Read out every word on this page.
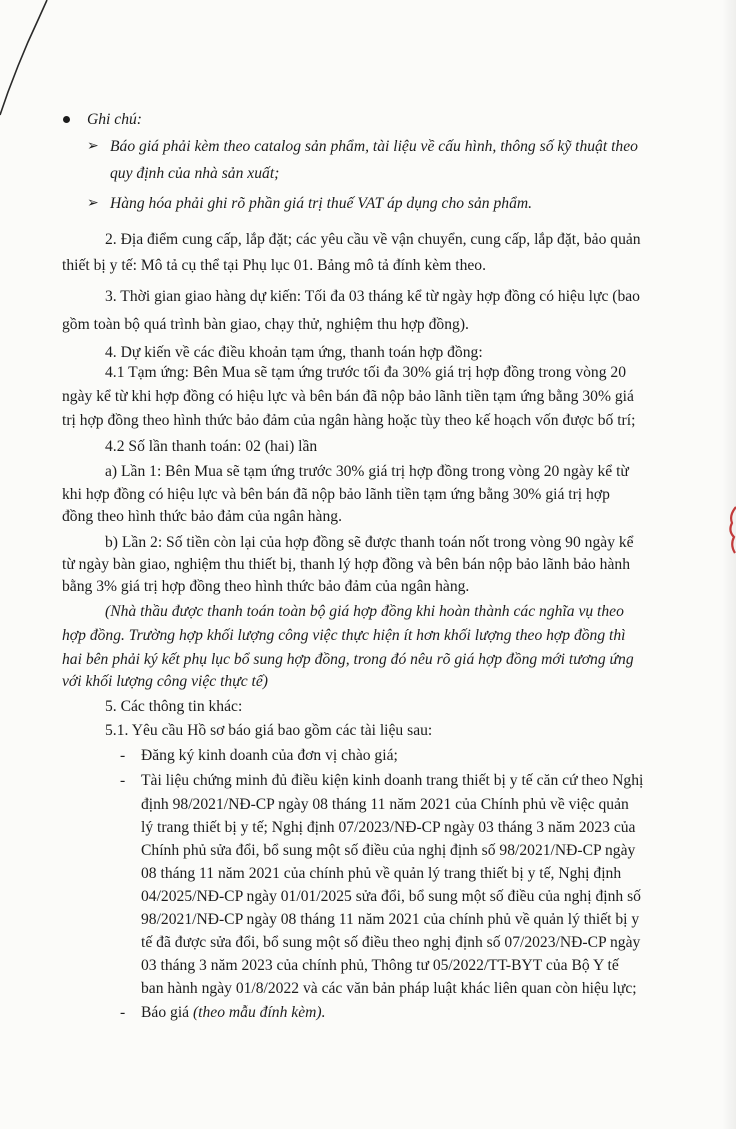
Ghi chú:
➢ Báo giá phải kèm theo catalog sản phẩm, tài liệu về cấu hình, thông số kỹ thuật theo
quy định của nhà sản xuất;
➢ Hàng hóa phải ghi rõ phần giá trị thuế VAT áp dụng cho sản phẩm.
2. Địa điểm cung cấp, lắp đặt; các yêu cầu về vận chuyển, cung cấp, lắp đặt, bảo quản
thiết bị y tế: Mô tả cụ thể tại Phụ lục 01. Bảng mô tả đính kèm theo.
3. Thời gian giao hàng dự kiến: Tối đa 03 tháng kể từ ngày hợp đồng có hiệu lực (bao
gồm toàn bộ quá trình bàn giao, chạy thử, nghiệm thu hợp đồng).
4. Dự kiến về các điều khoản tạm ứng, thanh toán hợp đồng:
4.1 Tạm ứng: Bên Mua sẽ tạm ứng trước tối đa 30% giá trị hợp đồng trong vòng 20
ngày kể từ khi hợp đồng có hiệu lực và bên bán đã nộp bảo lãnh tiền tạm ứng bằng 30% giá
trị hợp đồng theo hình thức bảo đảm của ngân hàng hoặc tùy theo kế hoạch vốn được bố trí;
4.2 Số lần thanh toán: 02 (hai) lần
a) Lần 1: Bên Mua sẽ tạm ứng trước 30% giá trị hợp đồng trong vòng 20 ngày kể từ
khi hợp đồng có hiệu lực và bên bán đã nộp bảo lãnh tiền tạm ứng bằng 30% giá trị hợp
đồng theo hình thức bảo đảm của ngân hàng.
b) Lần 2: Số tiền còn lại của hợp đồng sẽ được thanh toán nốt trong vòng 90 ngày kể
từ ngày bàn giao, nghiệm thu thiết bị, thanh lý hợp đồng và bên bán nộp bảo lãnh bảo hành
bằng 3% giá trị hợp đồng theo hình thức bảo đảm của ngân hàng.
(Nhà thầu được thanh toán toàn bộ giá hợp đồng khi hoàn thành các nghĩa vụ theo
hợp đồng. Trường hợp khối lượng công việc thực hiện ít hơn khối lượng theo hợp đồng thì
hai bên phải ký kết phụ lục bổ sung hợp đồng, trong đó nêu rõ giá hợp đồng mới tương ứng
với khối lượng công việc thực tế)
5. Các thông tin khác:
5.1. Yêu cầu Hồ sơ báo giá bao gồm các tài liệu sau:
- Đăng ký kinh doanh của đơn vị chào giá;
- Tài liệu chứng minh đủ điều kiện kinh doanh trang thiết bị y tế căn cứ theo Nghị
định 98/2021/NĐ-CP ngày 08 tháng 11 năm 2021 của Chính phủ về việc quản
lý trang thiết bị y tế; Nghị định 07/2023/NĐ-CP ngày 03 tháng 3 năm 2023 của
Chính phủ sửa đổi, bổ sung một số điều của nghị định số 98/2021/NĐ-CP ngày
08 tháng 11 năm 2021 của chính phủ về quản lý trang thiết bị y tế, Nghị định
04/2025/NĐ-CP ngày 01/01/2025 sửa đổi, bổ sung một số điều của nghị định số
98/2021/NĐ-CP ngày 08 tháng 11 năm 2021 của chính phủ về quản lý thiết bị y
tế đã được sửa đổi, bổ sung một số điều theo nghị định số 07/2023/NĐ-CP ngày
03 tháng 3 năm 2023 của chính phủ, Thông tư 05/2022/TT-BYT của Bộ Y tế
ban hành ngày 01/8/2022 và các văn bản pháp luật khác liên quan còn hiệu lực;
- Báo giá (theo mẫu đính kèm).
